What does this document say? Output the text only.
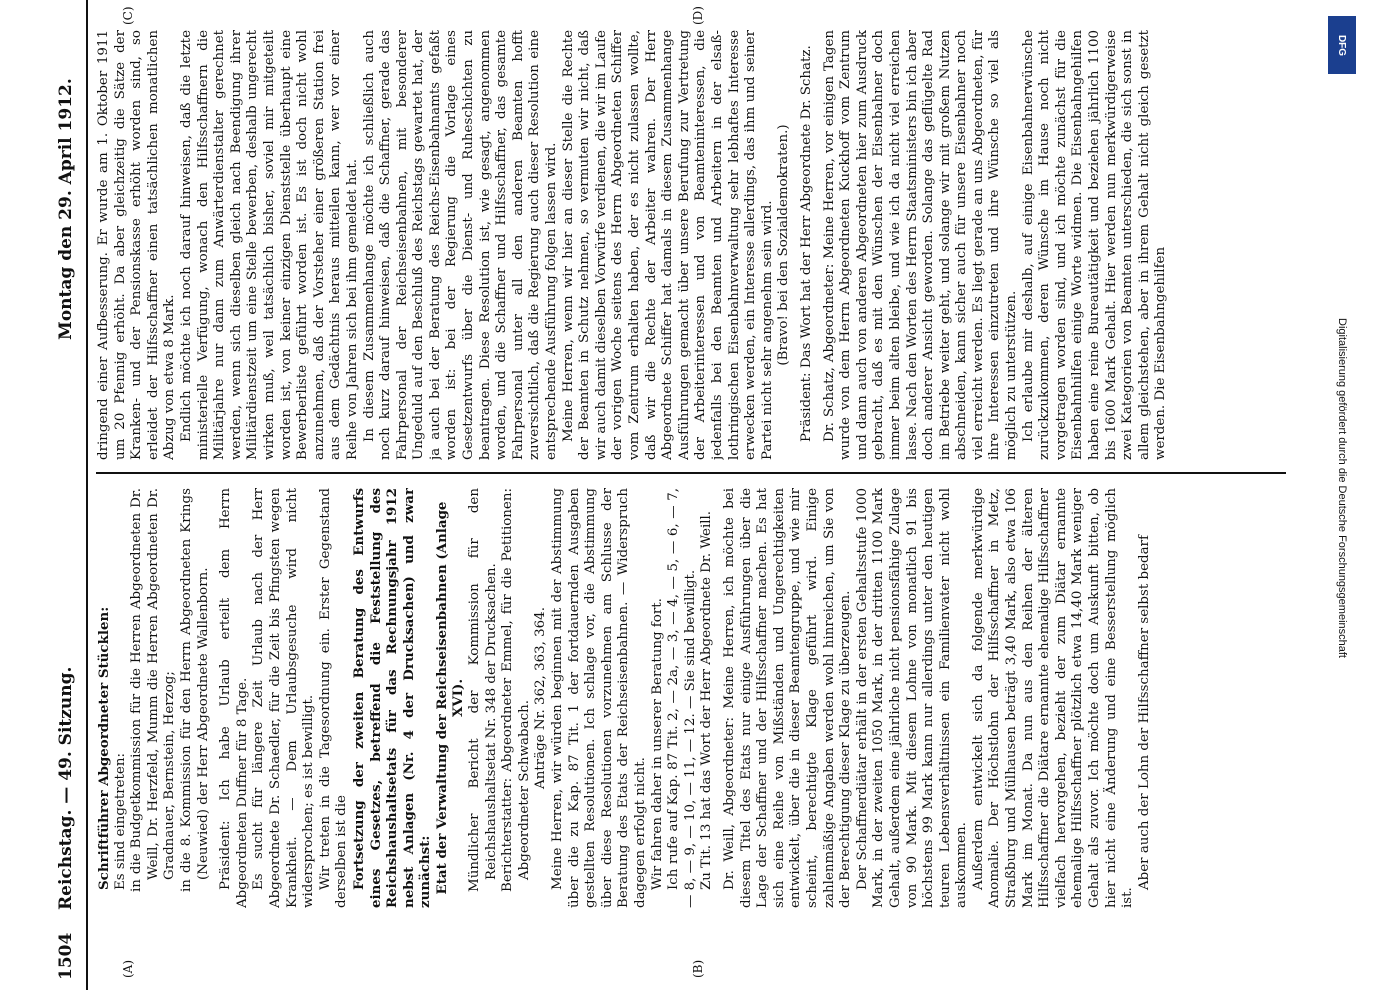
1504
Reichstag. — 49. Sitzung.
Montag den 29. April 1912.
(A)	(B)
(C)	(D)

Schriftführer Abgeordneter Stücklen: Es sind eingetreten: in die Budgetkommission für die Herren Abgeordneten Dr. Weill, Dr. Herzfeld, Mumm die Herren Abgeordneten Dr. Gradnauer, Bernstein, Herzog; in die 8. Kommission für den Herrn Abgeordneten Krings (Neuwied) der Herr Abgeordnete Wallenborn. Präsident: Ich habe Urlaub erteilt dem Herrn Abgeordneten Duffner für 8 Tage. Es sucht für längere Zeit Urlaub nach der Herr Abgeordnete Dr. Schaedler, für die Zeit bis Pfingsten wegen Krankheit. — Dem Urlaubsgesuche wird nicht widersprochen; es ist bewilligt. Wir treten in die Tagesordnung ein. Erster Gegenstand derselben ist die Fortsetzung der zweiten Beratung des Entwurfs eines Gesetzes, betreffend die Feststellung des Reichshaushaltsetats für das Rechnungsjahr 1912 nebst Anlagen (Nr. 4 der Drucksachen) und zwar zunächst: Etat der Verwaltung der Reichseisenbahnen (Anlage XVI). Mündlicher Bericht der Kommission für den Reichshaushaltsetat Nr. 348 der Drucksachen. Berichterstatter: Abgeordneter Emmel, für die Petitionen: Abgeordneter Schwabach.

Anträge Nr. 362, 363, 364. Meine Herren, wir würden beginnen mit der Abstimmung über die zu Kap. 87 Tit. 1 der fortdauernden Ausgaben gestellten Resolutionen. Ich schlage vor, die Abstimmung über diese Resolutionen vorzunehmen am Schlusse der Beratung des Etats der Reichseisenbahnen. — Widerspruch dagegen erfolgt nicht. Wir fahren daher in unserer Beratung fort. Ich rufe auf Kap. 87 Tit. 2, — 2a, — 3, — 4, — 5, — 6, — 7, — 8, — 9, — 10, — 11, — 12. — Sie sind bewilligt. Zu Tit. 13 hat das Wort der Herr Abgeordnete Dr. Weill. Dr. Weill, Abgeordneter: Meine Herren, ich möchte bei diesem Titel des Etats nur einige Ausführungen über die Lage der Schaffner und der Hilfsschaffner machen. Es hat sich eine Reihe von Mißständen und Ungerechtigkeiten entwickelt, über die in dieser Beamtengruppe, und wie mir scheint, berechtigte Klage geführt wird. Einige zahlenmäßige Angaben werden wohl hinreichen, um Sie von der Berechtigung dieser Klage zu überzeugen. Der Schaffnerdiätar erhält in der ersten Gehaltsstufe 1000 Mark, in der zweiten 1050 Mark, in der dritten 1100 Mark Gehalt, außerdem eine jährliche nicht pensionsfähige Zulage von 90 Mark. Mit diesem Lohne von monatlich 91 bis höchstens 99 Mark kann nur allerdings unter den heutigen teuren Lebensverhältnissen ein Familienvater nicht wohl auskommen. Außerdem entwickelt sich da folgende merkwürdige Anomalie. Der Höchstlohn der Hilfsschaffner in Metz, Straßburg und Mülhausen beträgt 3,40 Mark, also etwa 106 Mark im Monat. Da nun aus den Reihen der älteren Hilfsschaffner die Diätare ernannte ehemalige Hilfsschaffner vielfach hervorgehen, bezieht der zum Diätar ernannte ehemalige Hilfsschaffner plötzlich etwa 14,40 Mark weniger Gehalt als zuvor. Ich möchte doch um Auskunft bitten, ob hier nicht eine Änderung und eine Besserstellung möglich ist.

Aber auch der Lohn der Hilfsschaffner selbst bedarf

dringend einer Aufbesserung. Er wurde am 1. Oktober 1911 um 20 Pfennig erhöht. Da aber gleichzeitig die Sätze der Kranken- und der Pensionskasse erhöht worden sind, so erleidet der Hilfsschaffner einen tatsächlichen monatlichen Abzug von etwa 8 Mark. Endlich möchte ich noch darauf hinweisen, daß die letzte ministerielle Verfügung, wonach den Hilfsschaffnern die Militärjahre nur dann zum Anwärterdienstalter gerechnet werden, wenn sich dieselben gleich nach Beendigung ihrer Militärdienstzeit um eine Stelle bewerben, deshalb ungerecht wirken muß, weil tatsächlich bisher, soviel mir mitgeteilt worden ist, von keiner einzigen Dienststelle überhaupt eine Bewerberliste geführt worden ist. Es ist doch nicht wohl anzunehmen, daß der Vorsteher einer größeren Station frei aus dem Gedächtnis heraus mitteilen kann, wer vor einer Reihe von Jahren sich bei ihm gemeldet hat. In diesem Zusammenhange möchte ich schließlich auch noch kurz darauf hinweisen, daß die Schaffner, gerade das Fahrpersonal der Reichseisenbahnen, mit besonderer Ungeduld auf den Beschluß des Reichstags gewartet hat, der ja auch bei der Beratung des Reichs-Eisenbahnamts gefaßt worden ist: bei der Regierung die Vorlage eines Gesetzentwurfs über die Dienst- und Ruheschichten zu beantragen. Diese Resolution ist, wie gesagt, angenommen worden, und die Schaffner und Hilfsschaffner, das gesamte Fahrpersonal unter all den anderen Beamten hofft zuversichtlich, daß die Regierung auch dieser Resolution eine entsprechende Ausführung folgen lassen wird. Meine Herren, wenn wir hier an dieser Stelle die Rechte der Beamten in Schutz nehmen, so vermuten wir nicht, daß wir auch damit dieselben Vorwürfe verdienen, die wir im Laufe der vorigen Woche seitens des Herrn Abgeordneten Schiffer vom Zentrum erhalten haben, der es nicht zulassen wollte, daß wir die Rechte der Arbeiter wahren. Der Herr Abgeordnete Schiffer hat damals in diesem Zusammenhange Ausführungen gemacht über unsere Berufung zur Vertretung der Arbeiterinteressen und von Beamteninteressen, die jedenfalls bei den Beamten und Arbeitern in der elsaß-lothringischen Eisenbahnverwaltung sehr lebhaftes Interesse erwecken werden, ein Interesse allerdings, das ihm und seiner Partei nicht sehr angenehm sein wird. (Bravo! bei den Sozialdemokraten.) Präsident: Das Wort hat der Herr Abgeordnete Dr. Schatz. Dr. Schatz, Abgeordneter: Meine Herren, vor einigen Tagen wurde von dem Herrn Abgeordneten Kuckhoff vom Zentrum und dann auch von anderen Abgeordneten hier zum Ausdruck gebracht, daß es mit den Wünschen der Eisenbahner doch immer beim alten bleibe, und wie ich da nicht viel erreichen lasse. Nach den Worten des Herrn Staatsministers bin ich aber doch anderer Ansicht geworden. Solange das geflügelte Rad im Betriebe weiter geht, und solange wir mit großem Nutzen abschneiden, kann sicher auch für unsere Eisenbahner noch viel erreicht werden. Es liegt gerade an uns Abgeordneten, für ihre Interessen einzutreten und ihre Wünsche so viel als möglich zu unterstützen. Ich erlaube mir deshalb, auf einige Eisenbahnerwünsche zurückzukommen, deren Wünsche im Hause noch nicht vorgetragen worden sind, und ich möchte zunächst für die Eisenbahnhilfen einige Worte widmen. Die Eisenbahngehilfen haben eine reine Bureautätigkeit und beziehen jährlich 1100 bis 1600 Mark Gehalt. Hier werden nun merkwürdigerweise zwei Kategorien von Beamten unterschieden, die sich sonst in allem gleichstehen, aber in ihrem Gehalt nicht gleich gesetzt werden. Die Eisenbahngehilfen

DFG
Digitalisierung gefördert durch die Deutsche Forschungsgemeinschaft
